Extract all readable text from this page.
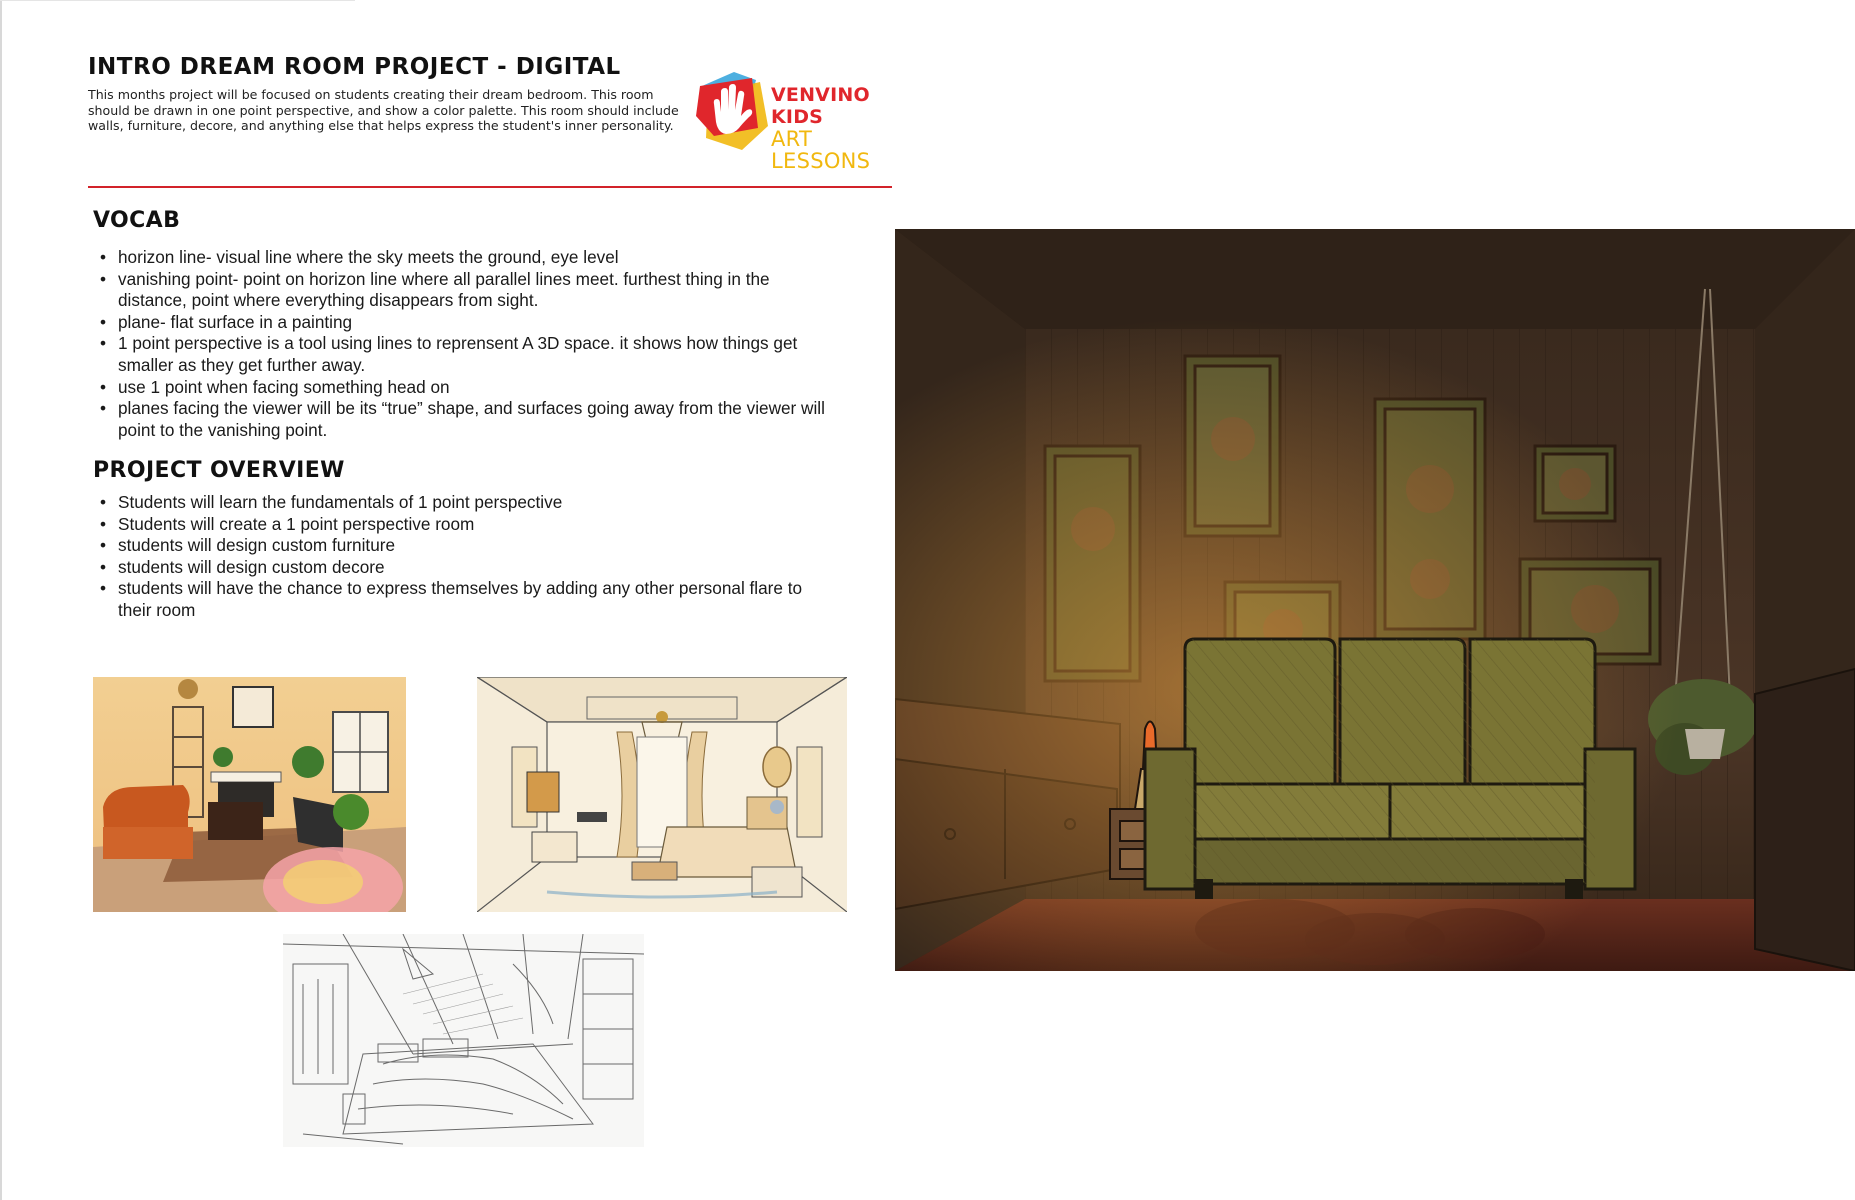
INTRO DREAM ROOM PROJECT - DIGITAL

This months project will be focused on students creating their dream bedroom. This room should be drawn in one point perspective, and show a color palette. This room should include walls, furniture, decore, and anything else that helps express the student's inner personality.

VENVINO KIDS
ART LESSONS
VOCAB
• horizon line- visual line where the sky meets the ground, eye level
• vanishing point- point on horizon line where all parallel lines meet. furthest thing in the distance, point where everything disappears from sight.
• plane- flat surface in a painting
• 1 point perspective is a tool using lines to reprensent A 3D space. it shows how things get smaller as they get further away.
• use 1 point when facing something head on
• planes facing the viewer will be its “true” shape, and surfaces going away from the viewer will point to the vanishing point.
PROJECT OVERVIEW
• Students will learn the fundamentals of 1 point perspective
• Students will create a 1 point perspective room
• students will design custom furniture
• students will design custom decore
• students will have the chance to express themselves by adding any other personal flare to their room
